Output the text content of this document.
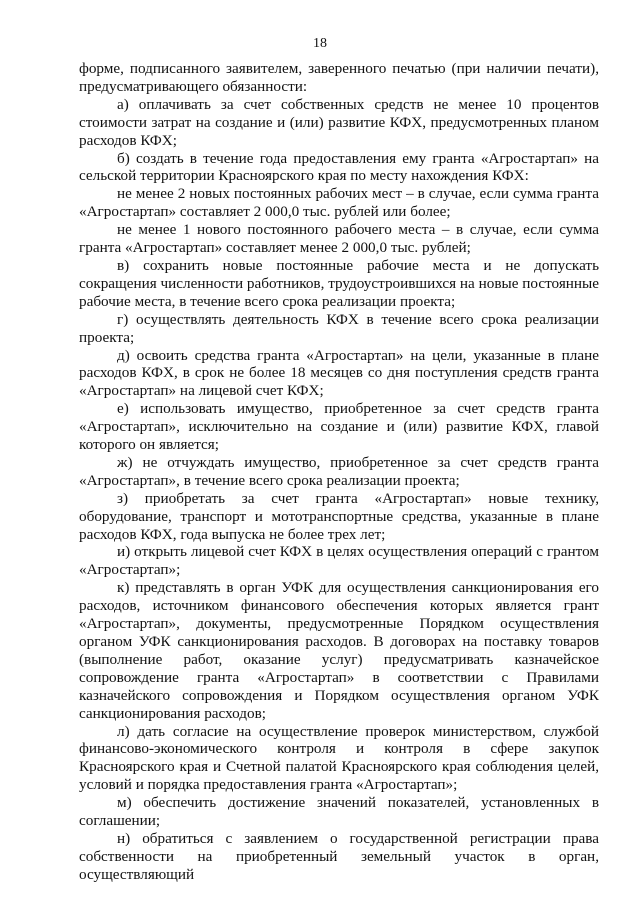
18

форме, подписанного заявителем, заверенного печатью (при наличии печати), предусматривающего обязанности:

а) оплачивать за счет собственных средств не менее 10 процентов стоимости затрат на создание и (или) развитие КФХ, предусмотренных планом расходов КФХ;

б) создать в течение года предоставления ему гранта «Агростартап» на сельской территории Красноярского края по месту нахождения КФХ:

не менее 2 новых постоянных рабочих мест – в случае, если сумма гранта «Агростартап» составляет 2 000,0 тыс. рублей или более;

не менее 1 нового постоянного рабочего места – в случае, если сумма гранта «Агростартап» составляет менее 2 000,0 тыс. рублей;

в) сохранить новые постоянные рабочие места и не допускать сокращения численности работников, трудоустроившихся на новые постоянные рабочие места, в течение всего срока реализации проекта;

г) осуществлять деятельность КФХ в течение всего срока реализации проекта;

д) освоить средства гранта «Агростартап» на цели, указанные в плане расходов КФХ, в срок не более 18 месяцев со дня поступления средств гранта «Агростартап» на лицевой счет КФХ;

е) использовать имущество, приобретенное за счет средств гранта «Агростартап», исключительно на создание и (или) развитие КФХ, главой которого он является;

ж) не отчуждать имущество, приобретенное за счет средств гранта «Агростартап», в течение всего срока реализации проекта;

з) приобретать за счет гранта «Агростартап» новые технику, оборудование, транспорт и мототранспортные средства, указанные в плане расходов КФХ, года выпуска не более трех лет;

и) открыть лицевой счет КФХ в целях осуществления операций с грантом «Агростартап»;

к) представлять в орган УФК для осуществления санкционирования его расходов, источником финансового обеспечения которых является грант «Агростартап», документы, предусмотренные Порядком осуществления органом УФК санкционирования расходов. В договорах на поставку товаров (выполнение работ, оказание услуг) предусматривать казначейское сопровождение гранта «Агростартап» в соответствии с Правилами казначейского сопровождения и Порядком осуществления органом УФК санкционирования расходов;

л) дать согласие на осуществление проверок министерством, службой финансово-экономического контроля и контроля в сфере закупок Красноярского края и Счетной палатой Красноярского края соблюдения целей, условий и порядка предоставления гранта «Агростартап»;

м) обеспечить достижение значений показателей, установленных в соглашении;

н) обратиться с заявлением о государственной регистрации права собственности на приобретенный земельный участок в орган, осуществляющий
